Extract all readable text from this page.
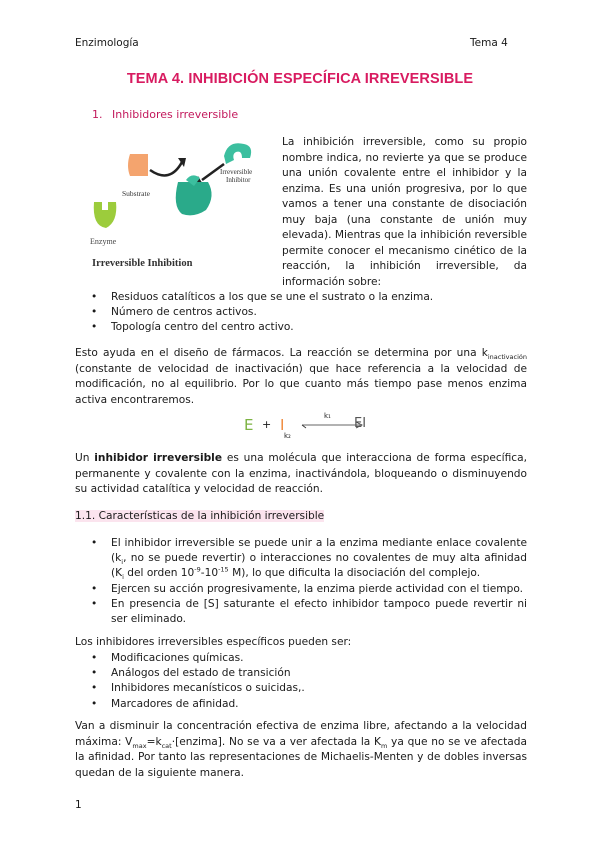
Enzimología	Tema 4
TEMA 4. INHIBICIÓN ESPECÍFICA IRREVERSIBLE
1. Inhibidores irreversible
Substrate
Irreversible
Inhibitor
Enzyme
Irreversible Inhibition
La inhibición irreversible, como su propio nombre indica, no revierte ya que se produce una unión covalente entre el inhibidor y la enzima. Es una unión progresiva, por lo que vamos a tener una constante de disociación muy baja (una constante de unión muy elevada). Mientras que la inhibición reversible permite conocer el mecanismo cinético de la reacción, la inhibición irreversible, da información sobre:
• Residuos catalíticos a los que se une el sustrato o la enzima.
• Número de centros activos.
• Topología centro del centro activo.
Esto ayuda en el diseño de fármacos. La reacción se determina por una $k_{inactivación}$ (constante de velocidad de inactivación) que hace referencia a la velocidad de modificación, no al equilibrio. Por lo que cuanto más tiempo pase menos enzima activa encontraremos.
E + I	k₁
k₂
EI
Un inhibidor irreversible es una molécula que interacciona de forma específica, permanente y covalente con la enzima, inactivándola, bloqueando o disminuyendo su actividad catalítica y velocidad de reacción.
1.1. Características de la inhibición irreversible
• El inhibidor irreversible se puede unir a la enzima mediante enlace covalente ($k_i$, no se puede revertir) o interacciones no covalentes de muy alta afinidad ($K_i$ del orden $10^{-9}-10^{-15}$ M), lo que dificulta la disociación del complejo.
• Ejercen su acción progresivamente, la enzima pierde actividad con el tiempo.
• En presencia de [S] saturante el efecto inhibidor tampoco puede revertir ni ser eliminado.
Los inhibidores irreversibles específicos pueden ser:
• Modificaciones químicas.
• Análogos del estado de transición
• Inhibidores mecanísticos o suicidas,.
• Marcadores de afinidad.
Van a disminuir la concentración efectiva de enzima libre, afectando a la velocidad máxima: $V_{max}=k_{cat}\cdot[enzima]$. No se va a ver afectada la $K_m$ ya que no se ve afectada la afinidad. Por tanto las representaciones de Michaelis-Menten y de dobles inversas quedan de la siguiente manera.
1
